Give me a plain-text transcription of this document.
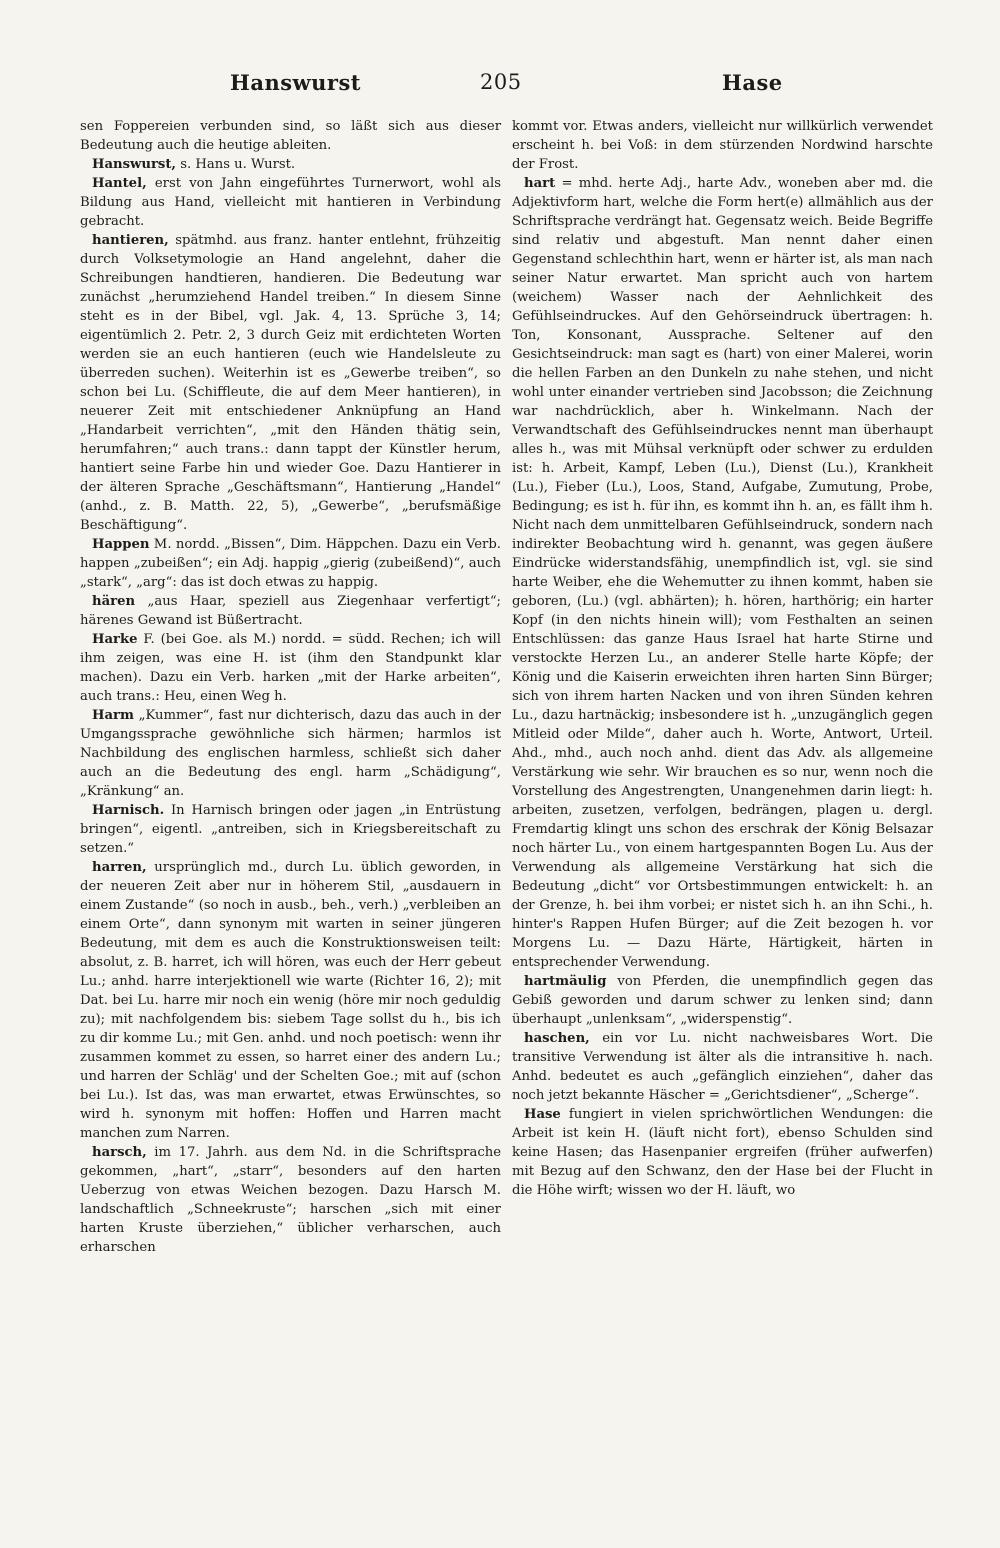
Hanswurst	205	Hase

sen Foppereien verbunden sind, so läßt sich aus dieser Bedeutung auch die heutige ableiten.

Hanswurst, s. Hans u. Wurst.

Hantel, erst von Jahn eingeführtes Turnerwort, wohl als Bildung aus Hand, vielleicht mit hantieren in Verbindung gebracht.

hantieren, spätmhd. aus franz. hanter entlehnt, frühzeitig durch Volksetymologie an Hand angelehnt, daher die Schreibungen handtieren, handieren. Die Bedeutung war zunächst „herumziehend Handel treiben.“ In diesem Sinne steht es in der Bibel, vgl. Jak. 4, 13. Sprüche 3, 14; eigentümlich 2. Petr. 2, 3 durch Geiz mit erdichteten Worten werden sie an euch hantieren (euch wie Handelsleute zu überreden suchen). Weiterhin ist es „Gewerbe treiben“, so schon bei Lu. (Schiffleute, die auf dem Meer hantieren), in neuerer Zeit mit entschiedener Anknüpfung an Hand „Handarbeit verrichten“, „mit den Händen thätig sein, herumfahren;“ auch trans.: dann tappt der Künstler herum, hantiert seine Farbe hin und wieder Goe. Dazu Hantierer in der älteren Sprache „Geschäftsmann“, Hantierung „Handel“ (anhd., z. B. Matth. 22, 5), „Gewerbe“, „berufsmäßige Beschäftigung“.

Happen M. nordd. „Bissen“, Dim. Häppchen. Dazu ein Verb. happen „zubeißen“; ein Adj. happig „gierig (zubeißend)“, auch „stark“, „arg“: das ist doch etwas zu happig.

hären „aus Haar, speziell aus Ziegenhaar verfertigt“; härenes Gewand ist Büßertracht.

Harke F. (bei Goe. als M.) nordd. = südd. Rechen; ich will ihm zeigen, was eine H. ist (ihm den Standpunkt klar machen). Dazu ein Verb. harken „mit der Harke arbeiten“, auch trans.: Heu, einen Weg h.

Harm „Kummer“, fast nur dichterisch, dazu das auch in der Umgangssprache gewöhnliche sich härmen; harmlos ist Nachbildung des englischen harmless, schließt sich daher auch an die Bedeutung des engl. harm „Schädigung“, „Kränkung“ an.

Harnisch. In Harnisch bringen oder jagen „in Entrüstung bringen“, eigentl. „antreiben, sich in Kriegsbereitschaft zu setzen.“

harren, ursprünglich md., durch Lu. üblich geworden, in der neueren Zeit aber nur in höherem Stil, „ausdauern in einem Zustande“ (so noch in ausb., beh., verh.) „verbleiben an einem Orte“, dann synonym mit warten in seiner jüngeren Bedeutung, mit dem es auch die Konstruktionsweisen teilt: absolut, z. B. harret, ich will hören, was euch der Herr gebeut Lu.; anhd. harre interjektionell wie warte (Richter 16, 2); mit Dat. bei Lu. harre mir noch ein wenig (höre mir noch geduldig zu); mit nachfolgendem bis: siebem Tage sollst du h., bis ich zu dir komme Lu.; mit Gen. anhd. und noch poetisch: wenn ihr zusammen kommet zu essen, so harret einer des andern Lu.; und harren der Schläg' und der Schelten Goe.; mit auf (schon bei Lu.). Ist das, was man erwartet, etwas Erwünschtes, so wird h. synonym mit hoffen: Hoffen und Harren macht manchen zum Narren.

harsch, im 17. Jahrh. aus dem Nd. in die Schriftsprache gekommen, „hart“, „starr“, besonders auf den harten Ueberzug von etwas Weichen bezogen. Dazu Harsch M. landschaftlich „Schneekruste“; harschen „sich mit einer harten Kruste überziehen,“ üblicher verharschen, auch erharschen

kommt vor. Etwas anders, vielleicht nur willkürlich verwendet erscheint h. bei Voß: in dem stürzenden Nordwind harschte der Frost.

hart = mhd. herte Adj., harte Adv., woneben aber md. die Adjektivform hart, welche die Form hert(e) allmählich aus der Schriftsprache verdrängt hat. Gegensatz weich. Beide Begriffe sind relativ und abgestuft. Man nennt daher einen Gegenstand schlechthin hart, wenn er härter ist, als man nach seiner Natur erwartet. Man spricht auch von hartem (weichem) Wasser nach der Aehnlichkeit des Gefühlseindruckes. Auf den Gehörseindruck übertragen: h. Ton, Konsonant, Aussprache. Seltener auf den Gesichtseindruck: man sagt es (hart) von einer Malerei, worin die hellen Farben an den Dunkeln zu nahe stehen, und nicht wohl unter einander vertrieben sind Jacobsson; die Zeichnung war nachdrücklich, aber h. Winkelmann. Nach der Verwandtschaft des Gefühlseindruckes nennt man überhaupt alles h., was mit Mühsal verknüpft oder schwer zu erdulden ist: h. Arbeit, Kampf, Leben (Lu.), Dienst (Lu.), Krankheit (Lu.), Fieber (Lu.), Loos, Stand, Aufgabe, Zumutung, Probe, Bedingung; es ist h. für ihn, es kommt ihn h. an, es fällt ihm h. Nicht nach dem unmittelbaren Gefühlseindruck, sondern nach indirekter Beobachtung wird h. genannt, was gegen äußere Eindrücke widerstandsfähig, unempfindlich ist, vgl. sie sind harte Weiber, ehe die Wehemutter zu ihnen kommt, haben sie geboren, (Lu.) (vgl. abhärten); h. hören, harthörig; ein harter Kopf (in den nichts hinein will); vom Festhalten an seinen Entschlüssen: das ganze Haus Israel hat harte Stirne und verstockte Herzen Lu., an anderer Stelle harte Köpfe; der König und die Kaiserin erweichten ihren harten Sinn Bürger; sich von ihrem harten Nacken und von ihren Sünden kehren Lu., dazu hartnäckig; insbesondere ist h. „unzugänglich gegen Mitleid oder Milde“, daher auch h. Worte, Antwort, Urteil. Ahd., mhd., auch noch anhd. dient das Adv. als allgemeine Verstärkung wie sehr. Wir brauchen es so nur, wenn noch die Vorstellung des Angestrengten, Unangenehmen darin liegt: h. arbeiten, zusetzen, verfolgen, bedrängen, plagen u. dergl. Fremdartig klingt uns schon des erschrak der König Belsazar noch härter Lu., von einem hartgespannten Bogen Lu. Aus der Verwendung als allgemeine Verstärkung hat sich die Bedeutung „dicht“ vor Ortsbestimmungen entwickelt: h. an der Grenze, h. bei ihm vorbei; er nistet sich h. an ihn Schi., h. hinter's Rappen Hufen Bürger; auf die Zeit bezogen h. vor Morgens Lu. — Dazu Härte, Härtigkeit, härten in entsprechender Verwendung.

hartmäulig von Pferden, die unempfindlich gegen das Gebiß geworden und darum schwer zu lenken sind; dann überhaupt „unlenksam“, „widerspenstig“.

haschen, ein vor Lu. nicht nachweisbares Wort. Die transitive Verwendung ist älter als die intransitive h. nach. Anhd. bedeutet es auch „gefänglich einziehen“, daher das noch jetzt bekannte Häscher = „Gerichtsdiener“, „Scherge“.

Hase fungiert in vielen sprichwörtlichen Wendungen: die Arbeit ist kein H. (läuft nicht fort), ebenso Schulden sind keine Hasen; das Hasenpanier ergreifen (früher aufwerfen) mit Bezug auf den Schwanz, den der Hase bei der Flucht in die Höhe wirft; wissen wo der H. läuft, wo
